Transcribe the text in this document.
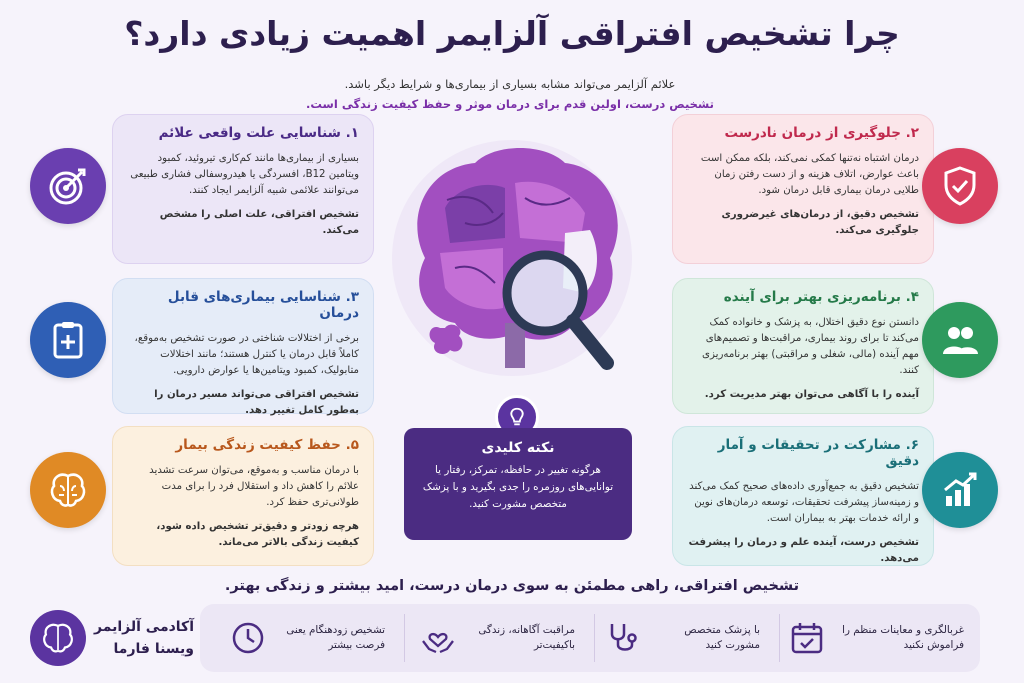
چرا تشخیص افتراقی آلزایمر اهمیت زیادی دارد؟
علائم آلزایمر می‌تواند مشابه بسیاری از بیماری‌ها و شرایط دیگر باشد.
تشخیص درست، اولین قدم برای درمان موثر و حفظ کیفیت زندگی است.
۱. شناسایی علت واقعی علائم

بسیاری از بیماری‌ها مانند کم‌کاری تیروئید، کمبود ویتامین B12، افسردگی یا هیدروسفالی فشاری طبیعی می‌توانند علائمی شبیه آلزایمر ایجاد کنند.

تشخیص افتراقی، علت اصلی را مشخص می‌کند.

۲. جلوگیری از درمان نادرست

درمان اشتباه نه‌تنها کمکی نمی‌کند، بلکه ممکن است باعث عوارض، اتلاف هزینه و از دست رفتن زمان طلایی درمان بیماری قابل درمان شود.

تشخیص دقیق، از درمان‌های غیرضروری جلوگیری می‌کند.

۳. شناسایی بیماری‌های قابل درمان

برخی از اختلالات شناختی در صورت تشخیص به‌موقع، کاملاً قابل درمان یا کنترل هستند؛ مانند اختلالات متابولیک، کمبود ویتامین‌ها یا عوارض دارویی.

تشخیص افتراقی می‌تواند مسیر درمان را به‌طور کامل تغییر دهد.

۴. برنامه‌ریزی بهتر برای آینده

دانستن نوع دقیق اختلال، به پزشک و خانواده کمک می‌کند تا برای روند بیماری، مراقبت‌ها و تصمیم‌های مهم آینده (مالی، شغلی و مراقبتی) بهتر برنامه‌ریزی کنند.

آینده را با آگاهی می‌توان بهتر مدیریت کرد.

۵. حفظ کیفیت زندگی بیمار

با درمان مناسب و به‌موقع، می‌توان سرعت تشدید علائم را کاهش داد و استقلال فرد را برای مدت طولانی‌تری حفظ کرد.

هرچه زودتر و دقیق‌تر تشخیص داده شود، کیفیت زندگی بالاتر می‌ماند.

۶. مشارکت در تحقیقات و آمار دقیق

تشخیص دقیق به جمع‌آوری داده‌های صحیح کمک می‌کند و زمینه‌ساز پیشرفت تحقیقات، توسعه درمان‌های نوین و ارائه خدمات بهتر به بیماران است.

تشخیص درست، آینده علم و درمان را پیشرفت می‌دهد.

نکته کلیدی

هرگونه تغییر در حافظه، تمرکز، رفتار یا توانایی‌های روزمره را جدی بگیرید و با پزشک متخصص مشورت کنید.

تشخیص افتراقی، راهی مطمئن به سوی درمان درست، امید بیشتر و زندگی بهتر.
آکادمی آلزایمر
ویسنا فارما
غربالگری و معاینات منظم را فراموش نکنید
با پزشک متخصص مشورت کنید
مراقبت آگاهانه، زندگی باکیفیت‌تر
تشخیص زودهنگام یعنی فرصت بیشتر
